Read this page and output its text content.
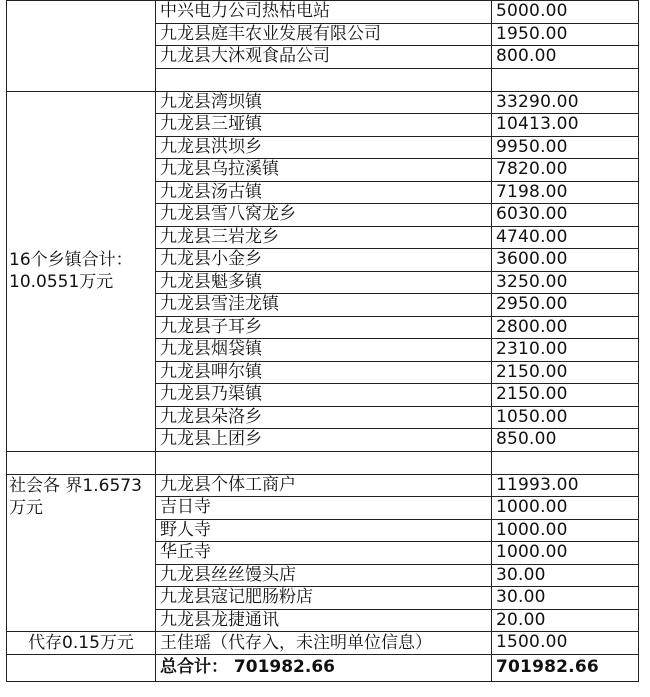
	中兴电力公司热枯电站	5000.00
	九龙县庭丰农业发展有限公司	1950.00
	九龙县大沐观食品公司	800.00

16个乡镇合计：10.0551万元	九龙县湾坝镇	33290.00
	九龙县三垭镇	10413.00
	九龙县洪坝乡	9950.00
	九龙县乌拉溪镇	7820.00
	九龙县汤古镇	7198.00
	九龙县雪八窝龙乡	6030.00
	九龙县三岩龙乡	4740.00
	九龙县小金乡	3600.00
	九龙县魁多镇	3250.00
	九龙县雪洼龙镇	2950.00
	九龙县子耳乡	2800.00
	九龙县烟袋镇	2310.00
	九龙县呷尔镇	2150.00
	九龙县乃渠镇	2150.00
	九龙县朵洛乡	1050.00
	九龙县上团乡	850.00

社会各 界1.6573万元	九龙县个体工商户	11993.00
	吉日寺	1000.00
	野人寺	1000.00
	华丘寺	1000.00
	九龙县丝丝馒头店	30.00
	九龙县寇记肥肠粉店	30.00
	九龙县龙捷通讯	20.00
代存0.15万元	王佳瑶（代存入，未注明单位信息）	1500.00
	总合计： 701982.66	701982.66
